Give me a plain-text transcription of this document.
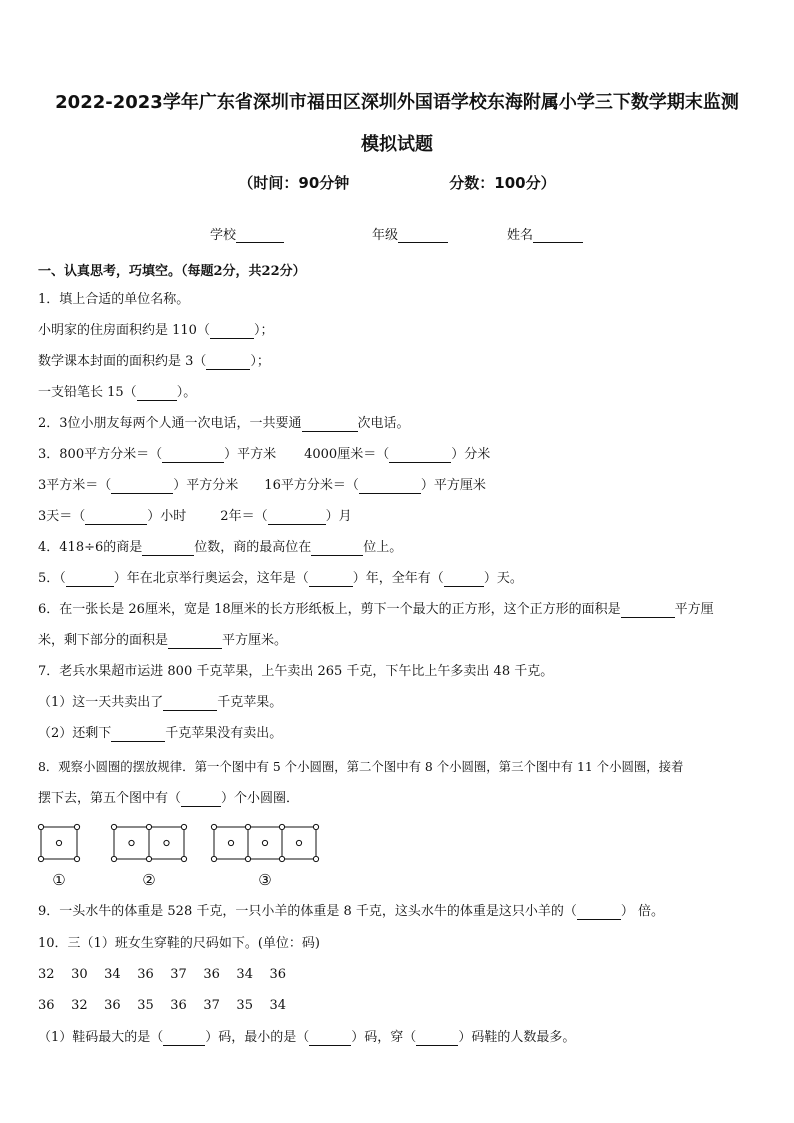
2022-2023学年广东省深圳市福田区深圳外国语学校东海附属小学三下数学期末监测
模拟试题
（时间：90分钟	分数：100分）
学校	年级	姓名
一、认真思考，巧填空。（每题2分，共22分）
1．填上合适的单位名称。
小明家的住房面积约是 110（	）；
数学课本封面的面积约是 3（	）；
一支铅笔长 15（	）。
2．3位小朋友每两个人通一次电话，一共要通	次电话。
3．800平方分米＝（	）平方米 4000厘米＝（	）分米
3平方米＝（	）平方分米 16平方分米＝（	）平方厘米
3天＝（	）小时	2年＝（	）月
4．418÷6的商是	位数，商的最高位在	位上。
5．（	）年在北京举行奥运会，这年是（	）年，全年有（	）天。
6．在一张长是 26厘米，宽是 18厘米的长方形纸板上，剪下一个最大的正方形，这个正方形的面积是	平方厘
米，剩下部分的面积是	平方厘米。
7．老兵水果超市运进 800 千克苹果，上午卖出 265 千克，下午比上午多卖出 48 千克。
（1）这一天共卖出了	千克苹果。
（2）还剩下	千克苹果没有卖出。
8．观察小圆圈的摆放规律．第一个图中有 5 个小圆圈，第二个图中有 8 个小圆圈，第三个图中有 11 个小圆圈，接着
摆下去，第五个图中有（	）个小圆圈．
①	②	③
9．一头水牛的体重是 528 千克，一只小羊的体重是 8 千克，这头水牛的体重是这只小羊的（	） 倍。
10．三（1）班女生穿鞋的尺码如下。(单位：码)
32    30    34    36    37    36    34    36
36    32    36    35    36    37    35    34
（1）鞋码最大的是（	）码，最小的是（	）码，穿（	）码鞋的人数最多。
